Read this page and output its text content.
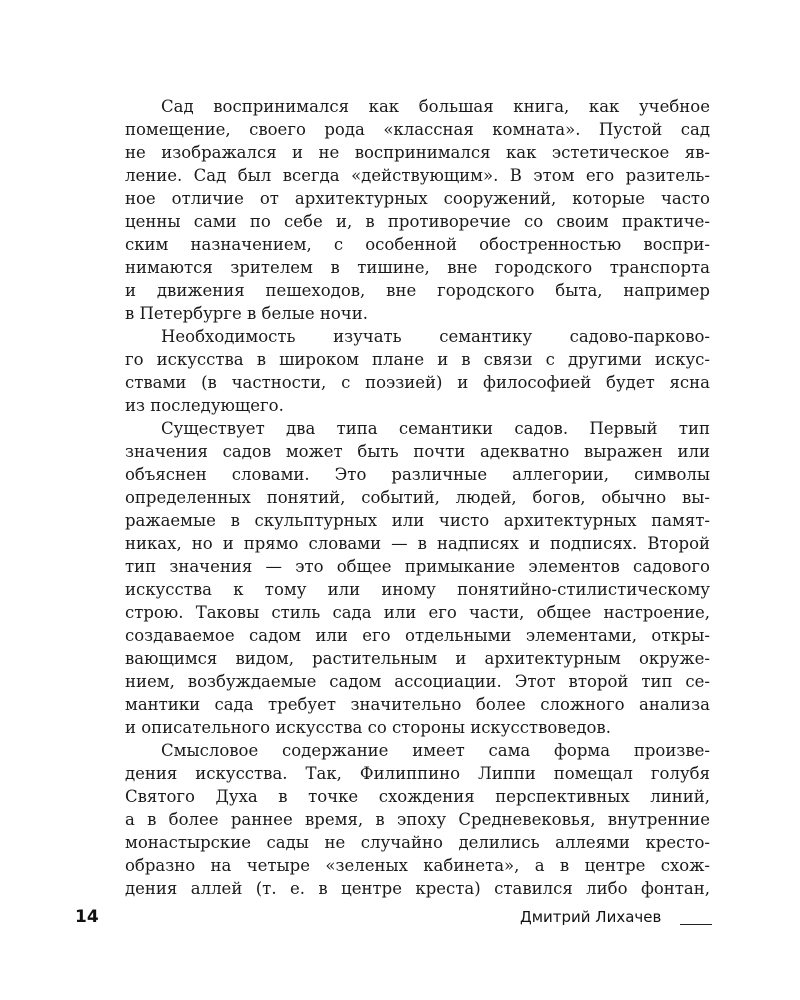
Сад воспринимался как большая книга, как учебное
помещение, своего рода «классная комната». Пустой сад
не изображался и не воспринимался как эстетическое яв-
ление. Сад был всегда «действующим». В этом его разитель-
ное отличие от архитектурных сооружений, которые часто
ценны сами по себе и, в противоречие со своим практиче-
ским назначением, с особенной обостренностью воспри-
нимаются зрителем в тишине, вне городского транспорта
и движения пешеходов, вне городского быта, например
в Петербурге в белые ночи.
Необходимость изучать семантику садово-парково-
го искусства в широком плане и в связи с другими искус-
ствами (в частности, с поэзией) и философией будет ясна
из последующего.
Существует два типа семантики садов. Первый тип
значения садов может быть почти адекватно выражен или
объяснен словами. Это различные аллегории, символы
определенных понятий, событий, людей, богов, обычно вы-
ражаемые в скульптурных или чисто архитектурных памят-
никах, но и прямо словами — в надписях и подписях. Второй
тип значения — это общее примыкание элементов садового
искусства к тому или иному понятийно-стилистическому
строю. Таковы стиль сада или его части, общее настроение,
создаваемое садом или его отдельными элементами, откры-
вающимся видом, растительным и архитектурным окруже-
нием, возбуждаемые садом ассоциации. Этот второй тип се-
мантики сада требует значительно более сложного анализа
и описательного искусства со стороны искусствоведов.
Смысловое содержание имеет сама форма произве-
дения искусства. Так, Филиппино Липпи помещал голубя
Святого Духа в точке схождения перспективных линий,
а в более раннее время, в эпоху Средневековья, внутренние
монастырские сады не случайно делились аллеями кресто-
образно на четыре «зеленых кабинета», а в центре схож-
дения аллей (т. е. в центре креста) ставился либо фонтан,
14	Дмитрий Лихачев
